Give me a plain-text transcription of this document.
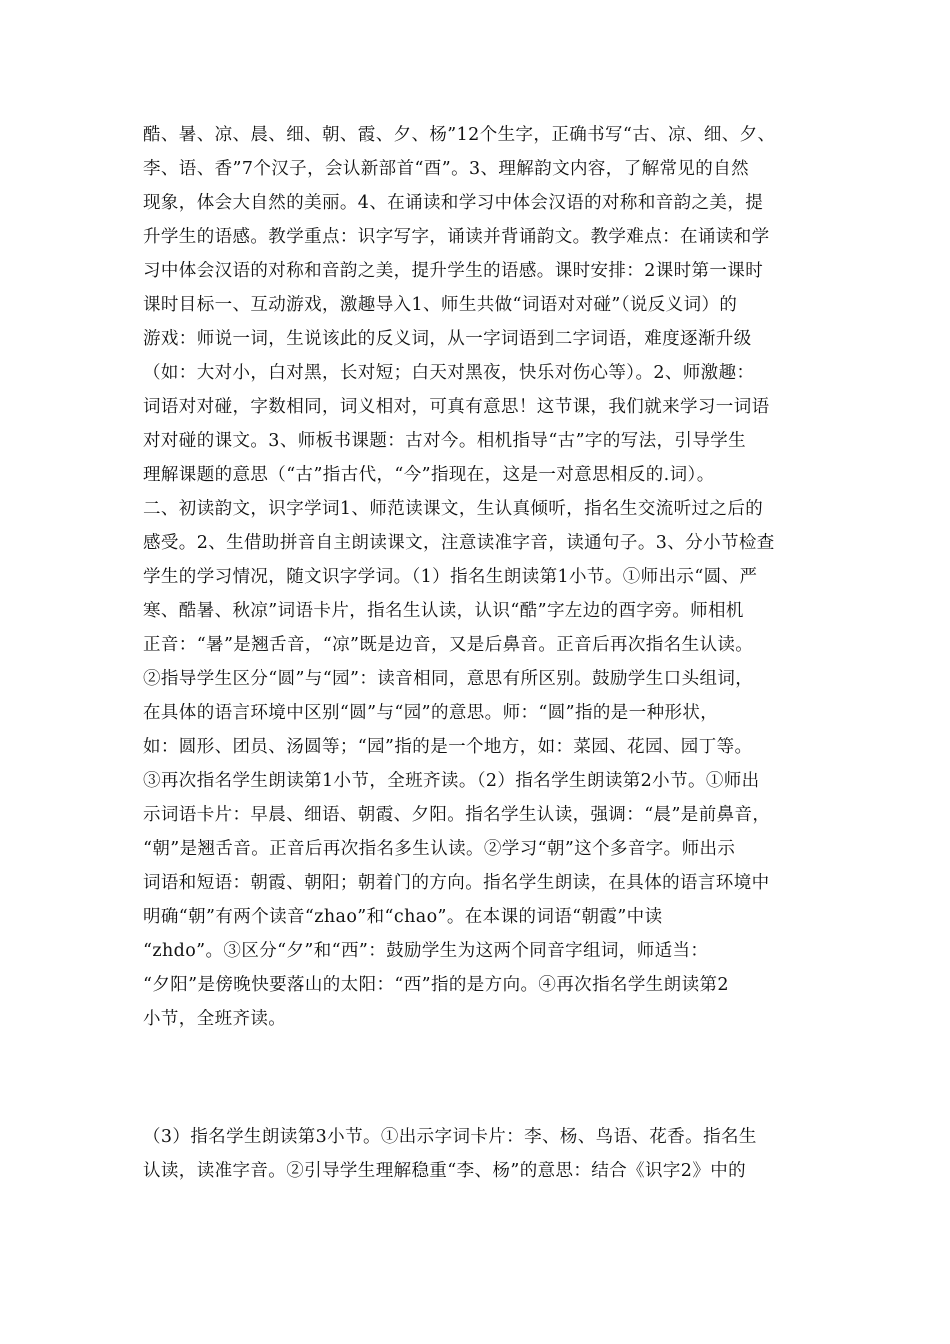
酷、暑、凉、晨、细、朝、霞、夕、杨”12个生字，正确书写“古、凉、细、夕、
李、语、香”7个汉子，会认新部首“酉”。3、理解韵文内容，了解常见的自然
现象，体会大自然的美丽。4、在诵读和学习中体会汉语的对称和音韵之美，提
升学生的语感。教学重点：识字写字，诵读并背诵韵文。教学难点：在诵读和学
习中体会汉语的对称和音韵之美，提升学生的语感。课时安排：2课时第一课时
课时目标一、互动游戏，激趣导入1、师生共做“词语对对碰”（说反义词）的
游戏：师说一词，生说该此的反义词，从一字词语到二字词语，难度逐渐升级
（如：大对小，白对黑，长对短；白天对黑夜，快乐对伤心等）。2、师激趣：
词语对对碰，字数相同，词义相对，可真有意思！这节课，我们就来学习一词语
对对碰的课文。3、师板书课题：古对今。相机指导“古”字的写法，引导学生
理解课题的意思（“古”指古代，“今”指现在，这是一对意思相反的.词）。
二、初读韵文，识字学词1、师范读课文，生认真倾听，指名生交流听过之后的
感受。2、生借助拼音自主朗读课文，注意读准字音，读通句子。3、分小节检查
学生的学习情况，随文识字学词。（1）指名生朗读第1小节。①师出示“圆、严
寒、酷暑、秋凉”词语卡片，指名生认读，认识“酷”字左边的酉字旁。师相机
正音：“暑”是翘舌音，“凉”既是边音，又是后鼻音。正音后再次指名生认读。
②指导学生区分“圆”与“园”：读音相同，意思有所区别。鼓励学生口头组词，
在具体的语言环境中区别“圆”与“园”的意思。师：“圆”指的是一种形状，
如：圆形、团员、汤圆等；“园”指的是一个地方，如：菜园、花园、园丁等。
③再次指名学生朗读第1小节，全班齐读。（2）指名学生朗读第2小节。①师出
示词语卡片：早晨、细语、朝霞、夕阳。指名学生认读，强调：“晨”是前鼻音，
“朝”是翘舌音。正音后再次指名多生认读。②学习“朝”这个多音字。师出示
词语和短语：朝霞、朝阳；朝着门的方向。指名学生朗读，在具体的语言环境中
明确“朝”有两个读音“zhao”和“chao”。在本课的词语“朝霞”中读
“zhdo”。③区分“夕”和“西”：鼓励学生为这两个同音字组词，师适当：
“夕阳”是傍晚快要落山的太阳：“西”指的是方向。④再次指名学生朗读第2
小节，全班齐读。
（3）指名学生朗读第3小节。①出示字词卡片：李、杨、鸟语、花香。指名生
认读，读准字音。②引导学生理解稳重“李、杨”的意思：结合《识字2》中的
